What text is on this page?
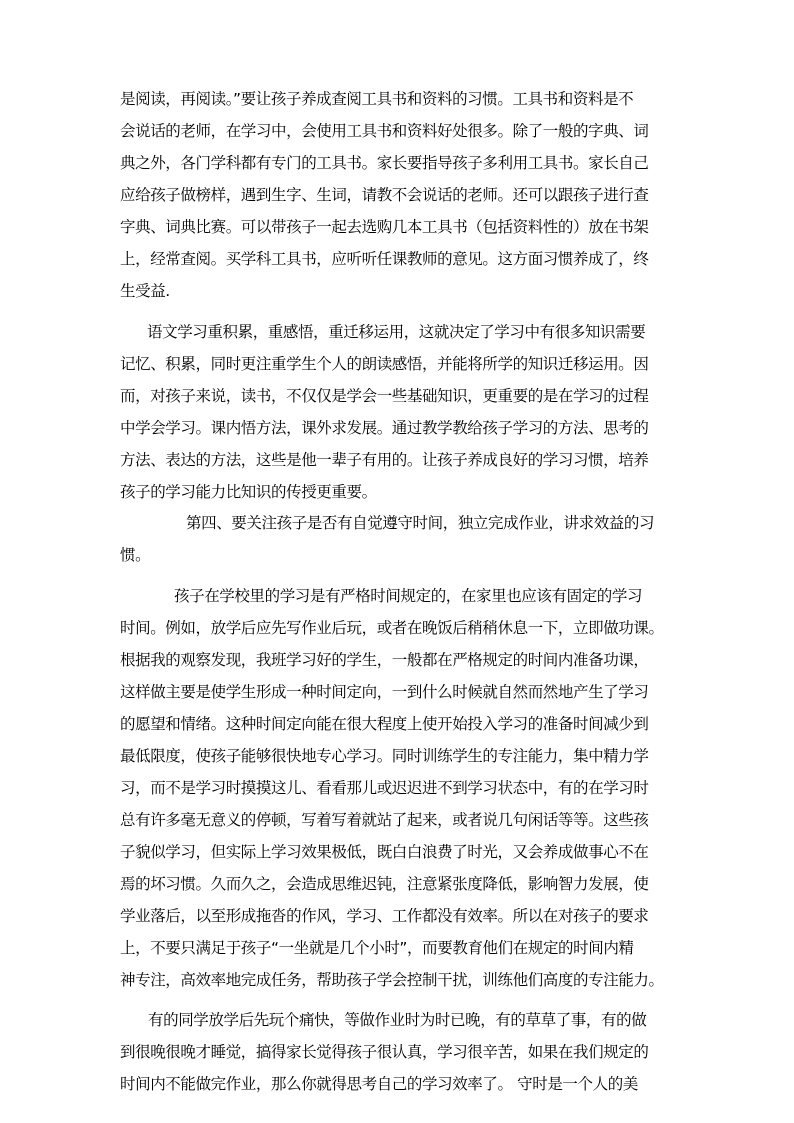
是阅读，再阅读。”要让孩子养成查阅工具书和资料的习惯。工具书和资料是不
会说话的老师，在学习中，会使用工具书和资料好处很多。除了一般的字典、词
典之外，各门学科都有专门的工具书。家长要指导孩子多利用工具书。家长自己
应给孩子做榜样，遇到生字、生词，请教不会说话的老师。还可以跟孩子进行查
字典、词典比赛。可以带孩子一起去选购几本工具书（包括资料性的）放在书架
上，经常查阅。买学科工具书，应听听任课教师的意见。这方面习惯养成了，终
生受益.
语文学习重积累，重感悟，重迁移运用，这就决定了学习中有很多知识需要
记忆、积累，同时更注重学生个人的朗读感悟，并能将所学的知识迁移运用。因
而，对孩子来说，读书，不仅仅是学会一些基础知识，更重要的是在学习的过程
中学会学习。课内悟方法，课外求发展。通过教学教给孩子学习的方法、思考的
方法、表达的方法，这些是他一辈子有用的。让孩子养成良好的学习习惯，培养
孩子的学习能力比知识的传授更重要。
第四、要关注孩子是否有自觉遵守时间，独立完成作业，讲求效益的习
惯。
孩子在学校里的学习是有严格时间规定的，在家里也应该有固定的学习
时间。例如，放学后应先写作业后玩，或者在晚饭后稍稍休息一下，立即做功课。
根据我的观察发现，我班学习好的学生，一般都在严格规定的时间内准备功课，
这样做主要是使学生形成一种时间定向，一到什么时候就自然而然地产生了学习
的愿望和情绪。这种时间定向能在很大程度上使开始投入学习的准备时间减少到
最低限度，使孩子能够很快地专心学习。同时训练学生的专注能力，集中精力学
习，而不是学习时摸摸这儿、看看那儿或迟迟进不到学习状态中，有的在学习时
总有许多毫无意义的停顿，写着写着就站了起来，或者说几句闲话等等。这些孩
子貌似学习，但实际上学习效果极低，既白白浪费了时光，又会养成做事心不在
焉的坏习惯。久而久之，会造成思维迟钝，注意紧张度降低，影响智力发展，使
学业落后，以至形成拖沓的作风，学习、工作都没有效率。所以在对孩子的要求
上，不要只满足于孩子“一坐就是几个小时”，而要教育他们在规定的时间内精
神专注，高效率地完成任务，帮助孩子学会控制干扰，训练他们高度的专注能力。
有的同学放学后先玩个痛快，等做作业时为时已晚，有的草草了事，有的做
到很晚很晚才睡觉，搞得家长觉得孩子很认真，学习很辛苦，如果在我们规定的
时间内不能做完作业，那么你就得思考自己的学习效率了。 守时是一个人的美
